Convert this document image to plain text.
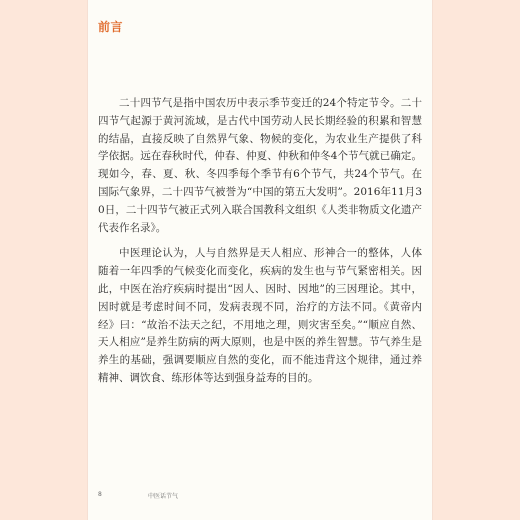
前言

二十四节气是指中国农历中表示季节变迁的24个特定节令。二十四节气起源于黄河流域，是古代中国劳动人民长期经验的积累和智慧的结晶，直接反映了自然界气象、物候的变化，为农业生产提供了科学依据。远在春秋时代，仲春、仲夏、仲秋和仲冬4个节气就已确定。现如今，春、夏、秋、冬四季每个季节有6个节气，共24个节气。在国际气象界，二十四节气被誉为“中国的第五大发明”。2016年11月30日，二十四节气被正式列入联合国教科文组织《人类非物质文化遗产代表作名录》。

中医理论认为，人与自然界是天人相应、形神合一的整体，人体随着一年四季的气候变化而变化，疾病的发生也与节气紧密相关。因此，中医在治疗疾病时提出“因人、因时、因地”的三因理论。其中，因时就是考虑时间不同，发病表现不同，治疗的方法不同。《黄帝内经》曰：“故治不法天之纪，不用地之理，则灾害至矣。”“顺应自然、天人相应”是养生防病的两大原则，也是中医的养生智慧。节气养生是养生的基础，强调要顺应自然的变化，而不能违背这个规律，通过养精神、调饮食、练形体等达到强身益寿的目的。

8	中医话节气
